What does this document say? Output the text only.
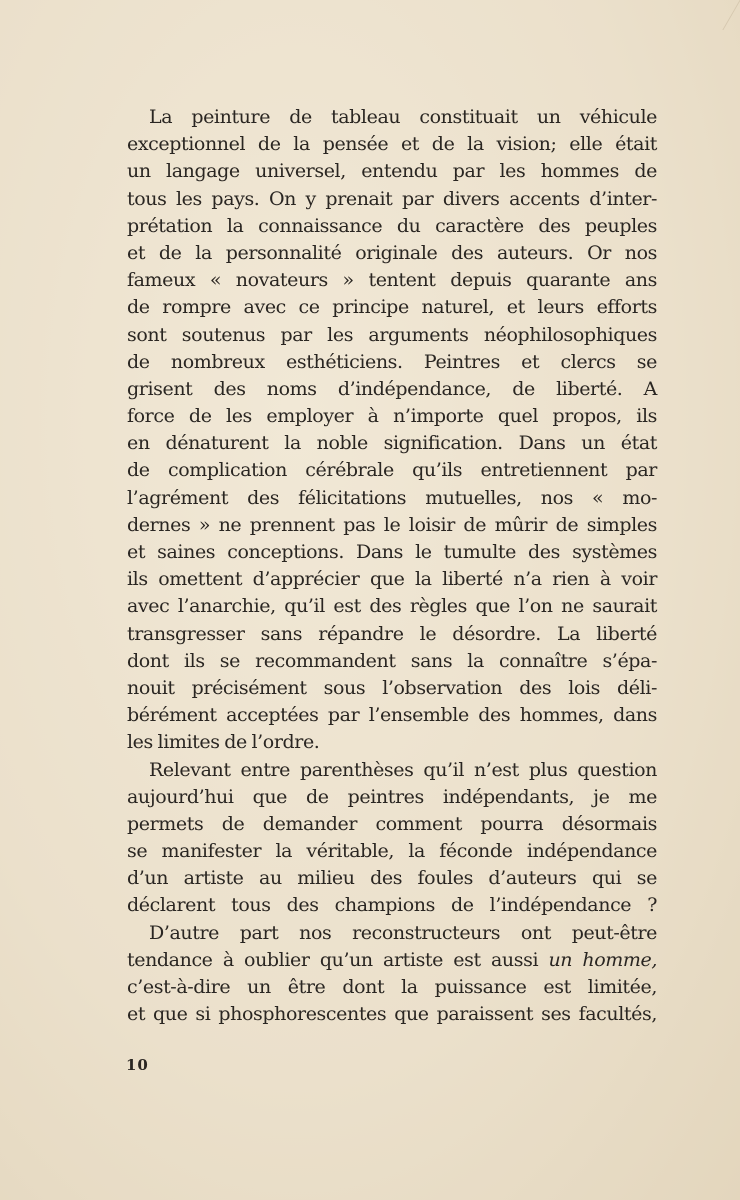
La peinture de tableau constituait un véhicule
exceptionnel de la pensée et de la vision; elle était
un langage universel, entendu par les hommes de
tous les pays. On y prenait par divers accents d’inter-
prétation la connaissance du caractère des peuples
et de la personnalité originale des auteurs. Or nos
fameux « novateurs » tentent depuis quarante ans
de rompre avec ce principe naturel, et leurs efforts
sont soutenus par les arguments néophilosophiques
de nombreux esthéticiens. Peintres et clercs se
grisent des noms d’indépendance, de liberté. A
force de les employer à n’importe quel propos, ils
en dénaturent la noble signification. Dans un état
de complication cérébrale qu’ils entretiennent par
l’agrément des félicitations mutuelles, nos « mo-
dernes » ne prennent pas le loisir de mûrir de simples
et saines conceptions. Dans le tumulte des systèmes
ils omettent d’apprécier que la liberté n’a rien à voir
avec l’anarchie, qu’il est des règles que l’on ne saurait
transgresser sans répandre le désordre. La liberté
dont ils se recommandent sans la connaître s’épa-
nouit précisément sous l’observation des lois déli-
bérément acceptées par l’ensemble des hommes, dans
les limites de l’ordre.
Relevant entre parenthèses qu’il n’est plus question
aujourd’hui que de peintres indépendants, je me
permets de demander comment pourra désormais
se manifester la véritable, la féconde indépendance
d’un artiste au milieu des foules d’auteurs qui se
déclarent tous des champions de l’indépendance ?
D’autre part nos reconstructeurs ont peut-être
tendance à oublier qu’un artiste est aussi un homme,
c’est-à-dire un être dont la puissance est limitée,
et que si phosphorescentes que paraissent ses facultés,
10
